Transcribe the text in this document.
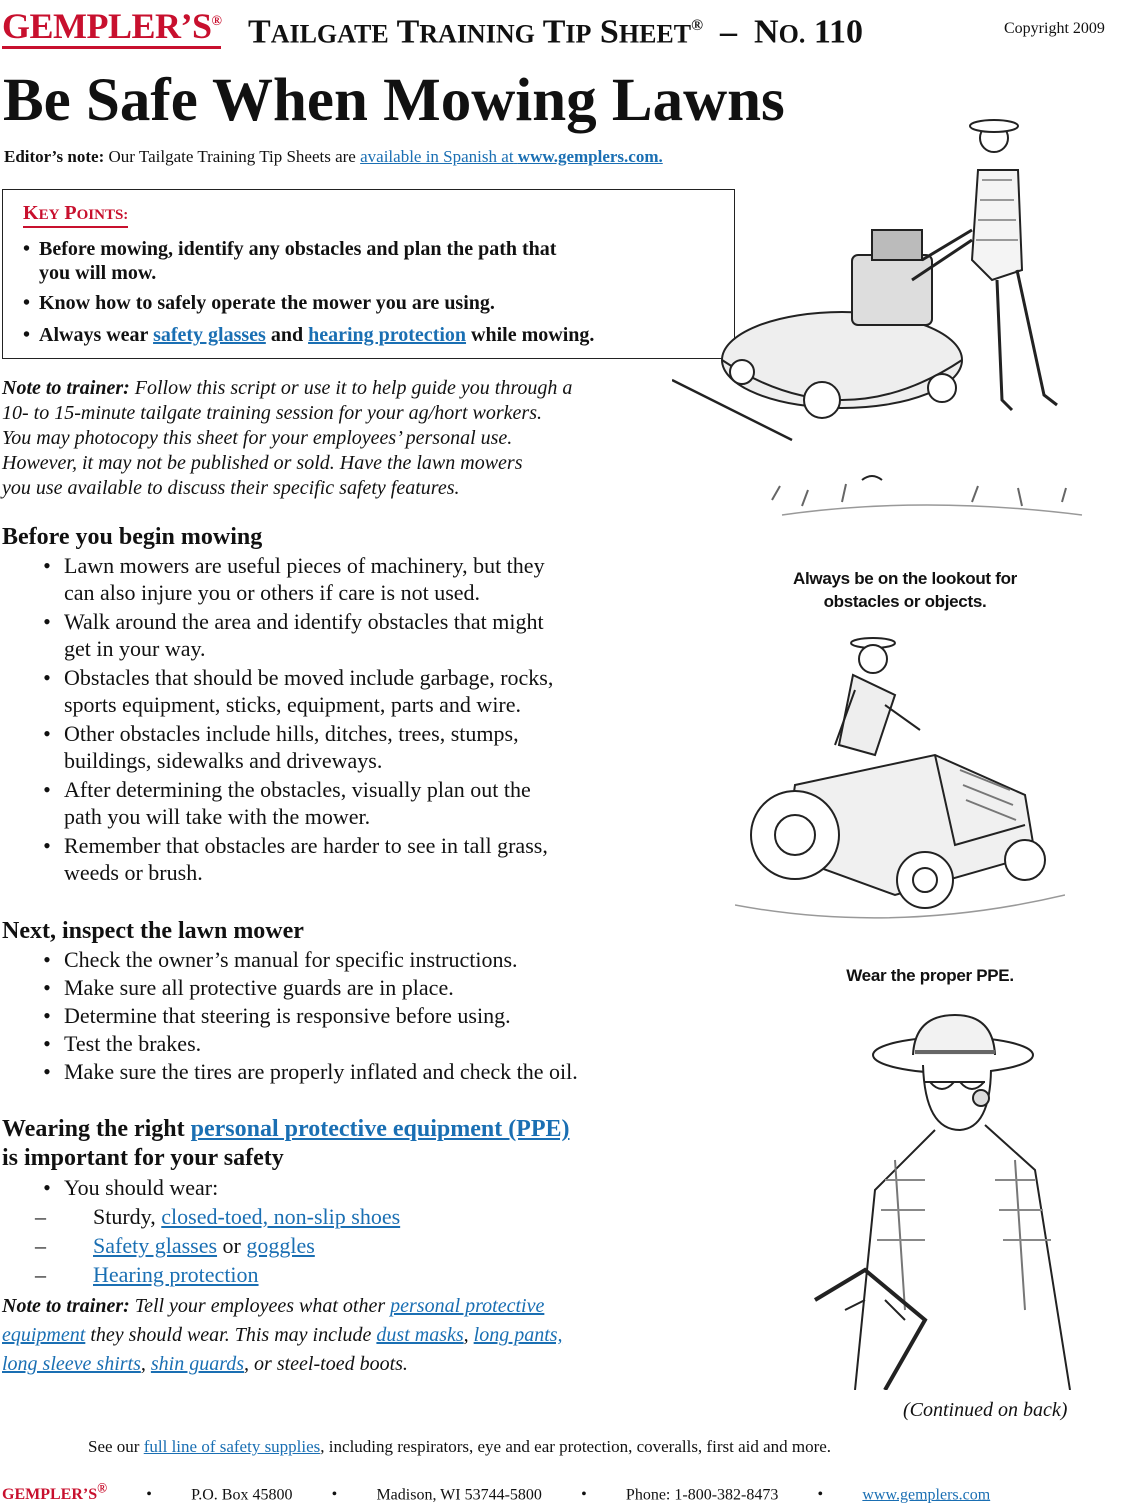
GEMPLER’S® TAILGATE TRAINING TIP SHEET® – NO. 110	Copyright 2009
Be Safe When Mowing Lawns
Editor’s note: Our Tailgate Training Tip Sheets are available in Spanish at www.gemplers.com.
KEY POINTS:
• Before mowing, identify any obstacles and plan the path that
you will mow.
• Know how to safely operate the mower you are using.
• Always wear safety glasses and hearing protection while mowing.
Note to trainer: Follow this script or use it to help guide you through a
10- to 15-minute tailgate training session for your ag/hort workers.
You may photocopy this sheet for your employees’ personal use.
However, it may not be published or sold. Have the lawn mowers
you use available to discuss their specific safety features.
Before you begin mowing
• Lawn mowers are useful pieces of machinery, but they
can also injure you or others if care is not used.
• Walk around the area and identify obstacles that might
get in your way.
• Obstacles that should be moved include garbage, rocks,
sports equipment, sticks, equipment, parts and wire.
• Other obstacles include hills, ditches, trees, stumps,
buildings, sidewalks and driveways.
• After determining the obstacles, visually plan out the
path you will take with the mower.
• Remember that obstacles are harder to see in tall grass,
weeds or brush.
Next, inspect the lawn mower
• Check the owner’s manual for specific instructions.
• Make sure all protective guards are in place.
• Determine that steering is responsive before using.
• Test the brakes.
• Make sure the tires are properly inflated and check the oil.
Wearing the right personal protective equipment (PPE)
is important for your safety
• You should wear:
– Sturdy, closed-toed, non-slip shoes
– Safety glasses or goggles
– Hearing protection
Note to trainer: Tell your employees what other personal protective
equipment they should wear. This may include dust masks, long pants,
long sleeve shirts, shin guards, or steel-toed boots.
Always be on the lookout for
obstacles or objects.
Wear the proper PPE.
(Continued on back)
See our full line of safety supplies, including respirators, eye and ear protection, coveralls, first aid and more.
GEMPLER’S® • P.O. Box 45800 • Madison, WI 53744-5800 • Phone: 1-800-382-8473 • www.gemplers.com
